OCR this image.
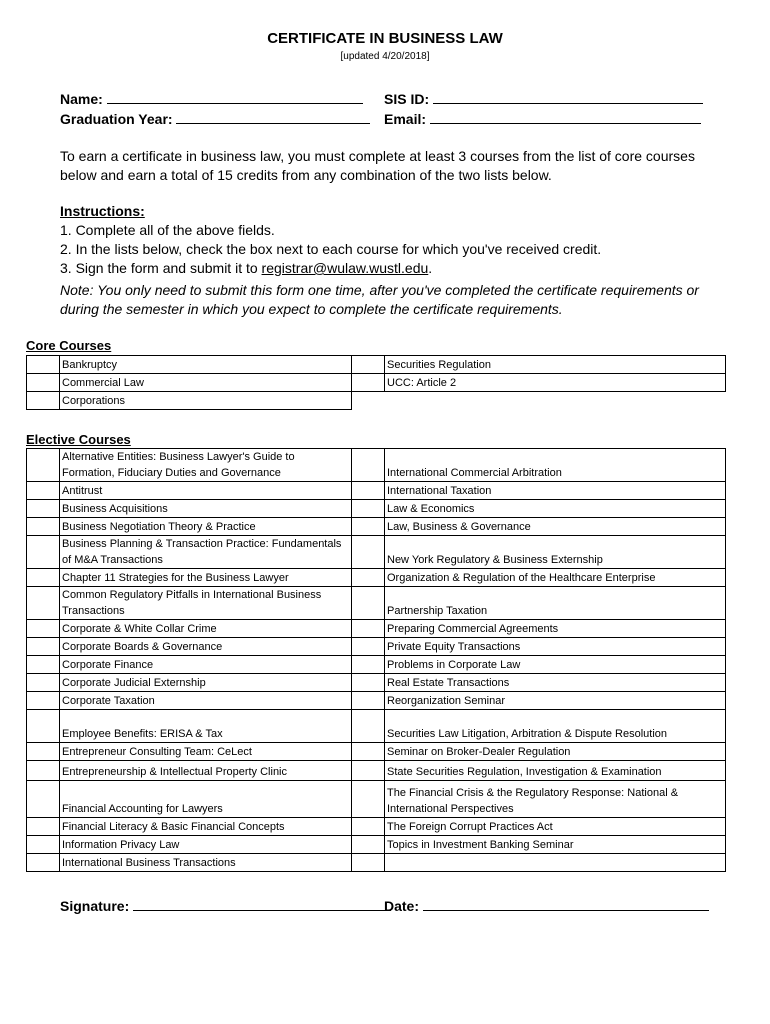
CERTIFICATE IN BUSINESS LAW
[updated 4/20/2018]
Name:
Graduation Year:
SIS ID:
Email:
To earn a certificate in business law, you must complete at least 3 courses from the list of core courses below and earn a total of 15 credits from any combination of the two lists below.
Instructions:
1. Complete all of the above fields.
2. In the lists below, check the box next to each course for which you've received credit.
3. Sign the form and submit it to registrar@wulaw.wustl.edu.
Note: You only need to submit this form one time, after you've completed the certificate requirements or during the semester in which you expect to complete the certificate requirements.
Core Courses
	Bankruptcy		Securities Regulation
	Commercial Law		UCC: Article 2
	Corporations		
Elective Courses
	Alternative Entities: Business Lawyer's Guide to Formation, Fiduciary Duties and Governance		International Commercial Arbitration
	Antitrust		International Taxation
	Business Acquisitions		Law & Economics
	Business Negotiation Theory & Practice		Law, Business & Governance
	Business Planning & Transaction Practice: Fundamentals of M&A Transactions		New York Regulatory & Business Externship
	Chapter 11 Strategies for the Business Lawyer		Organization & Regulation of the Healthcare Enterprise
	Common Regulatory Pitfalls in International Business Transactions		Partnership Taxation
	Corporate & White Collar Crime		Preparing Commercial Agreements
	Corporate Boards & Governance		Private Equity Transactions
	Corporate Finance		Problems in Corporate Law
	Corporate Judicial Externship		Real Estate Transactions
	Corporate Taxation		Reorganization Seminar
	Employee Benefits: ERISA & Tax		Securities Law Litigation, Arbitration & Dispute Resolution
	Entrepreneur Consulting Team: CeLect		Seminar on Broker-Dealer Regulation
	Entrepreneurship & Intellectual Property Clinic		State Securities Regulation, Investigation & Examination
	Financial Accounting for Lawyers		The Financial Crisis & the Regulatory Response: National & International Perspectives
	Financial Literacy & Basic Financial Concepts		The Foreign Corrupt Practices Act
	Information Privacy Law		Topics in Investment Banking Seminar
	International Business Transactions		
Signature:	Date:
